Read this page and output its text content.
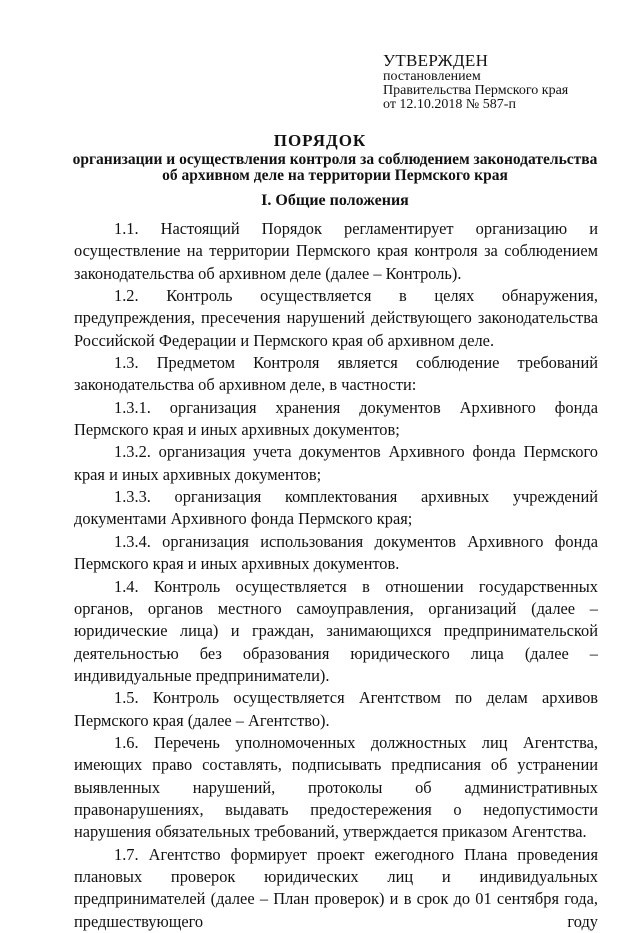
УТВЕРЖДЕН
постановлением
Правительства Пермского края
от 12.10.2018 № 587-п
ПОРЯДОК
организации и осуществления контроля за соблюдением законодательства
об архивном деле на территории Пермского края
I. Общие положения

1.1. Настоящий Порядок регламентирует организацию и осуществление на территории Пермского края контроля за соблюдением законодательства об архивном деле (далее – Контроль).

1.2. Контроль осуществляется в целях обнаружения, предупреждения, пресечения нарушений действующего законодательства Российской Федерации и Пермского края об архивном деле.

1.3. Предметом Контроля является соблюдение требований законодательства об архивном деле, в частности:

1.3.1. организация хранения документов Архивного фонда Пермского края и иных архивных документов;

1.3.2. организация учета документов Архивного фонда Пермского края и иных архивных документов;

1.3.3. организация комплектования архивных учреждений документами Архивного фонда Пермского края;

1.3.4. организация использования документов Архивного фонда Пермского края и иных архивных документов.

1.4. Контроль осуществляется в отношении государственных органов, органов местного самоуправления, организаций (далее – юридические лица) и граждан, занимающихся предпринимательской деятельностью без образования юридического лица (далее – индивидуальные предприниматели).

1.5. Контроль осуществляется Агентством по делам архивов Пермского края (далее – Агентство).

1.6. Перечень уполномоченных должностных лиц Агентства, имеющих право составлять, подписывать предписания об устранении выявленных нарушений, протоколы об административных правонарушениях, выдавать предостережения о недопустимости нарушения обязательных требований, утверждается приказом Агентства.

1.7. Агентство формирует проект ежегодного Плана проведения плановых проверок юридических лиц и индивидуальных предпринимателей (далее – План проверок) и в срок до 01 сентября года, предшествующего году
